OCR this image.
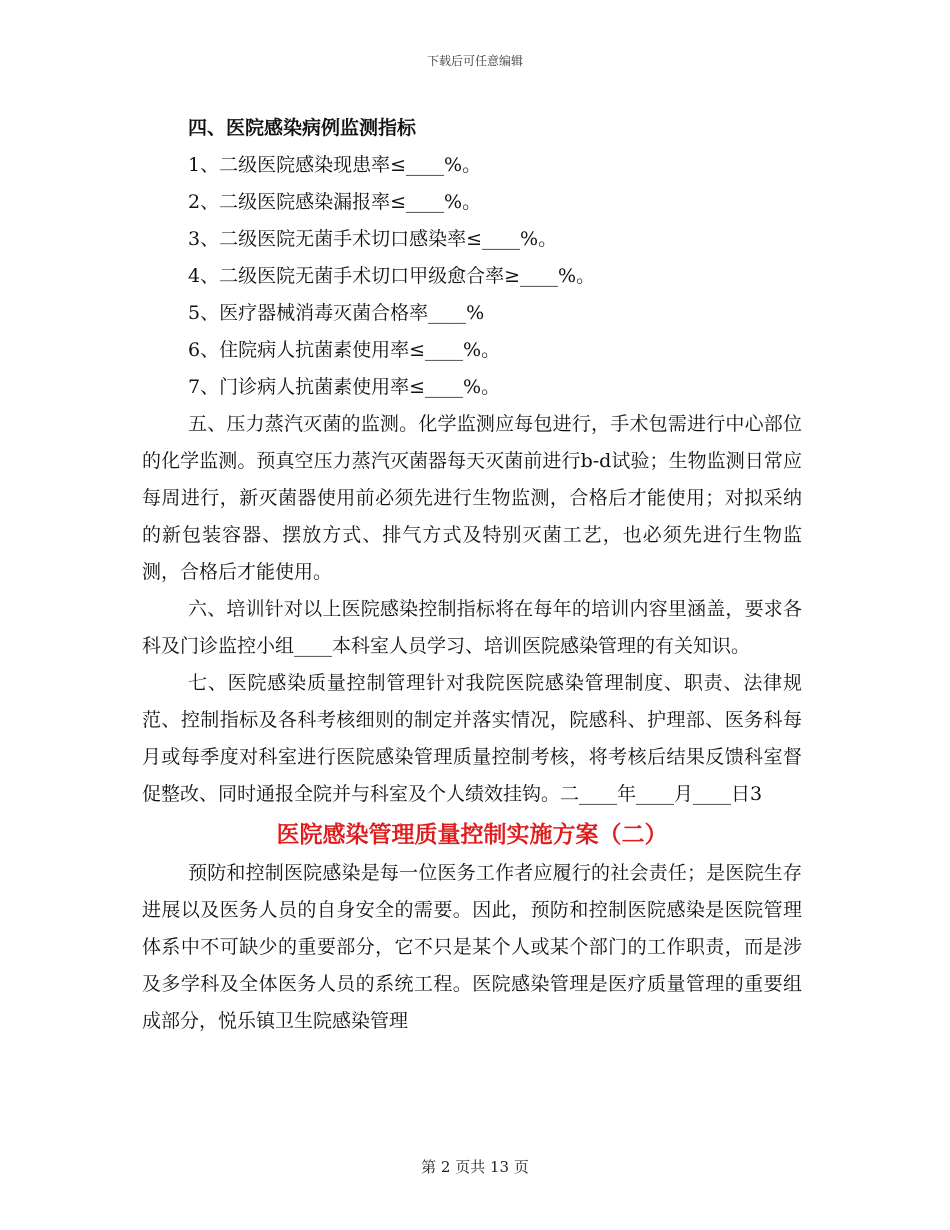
下载后可任意编辑

四、医院感染病例监测指标

1、二级医院感染现患率≤____%。

2、二级医院感染漏报率≤____%。

3、二级医院无菌手术切口感染率≤____%。

4、二级医院无菌手术切口甲级愈合率≥____%。

5、医疗器械消毒灭菌合格率____%

6、住院病人抗菌素使用率≤____%。

7、门诊病人抗菌素使用率≤____%。

五、压力蒸汽灭菌的监测。化学监测应每包进行，手术包需进行中心部位的化学监测。预真空压力蒸汽灭菌器每天灭菌前进行b-d试验；生物监测日常应每周进行，新灭菌器使用前必须先进行生物监测，合格后才能使用；对拟采纳的新包装容器、摆放方式、排气方式及特别灭菌工艺，也必须先进行生物监测，合格后才能使用。

六、培训针对以上医院感染控制指标将在每年的培训内容里涵盖，要求各科及门诊监控小组____本科室人员学习、培训医院感染管理的有关知识。

七、医院感染质量控制管理针对我院医院感染管理制度、职责、法律规范、控制指标及各科考核细则的制定并落实情况，院感科、护理部、医务科每月或每季度对科室进行医院感染管理质量控制考核，将考核后结果反馈科室督促整改、同时通报全院并与科室及个人绩效挂钩。二____年____月____日3

医院感染管理质量控制实施方案（二）

预防和控制医院感染是每一位医务工作者应履行的社会责任；是医院生存进展以及医务人员的自身安全的需要。因此，预防和控制医院感染是医院管理体系中不可缺少的重要部分，它不只是某个人或某个部门的工作职责，而是涉及多学科及全体医务人员的系统工程。医院感染管理是医疗质量管理的重要组成部分，悦乐镇卫生院感染管理

第 2 页共 13 页
